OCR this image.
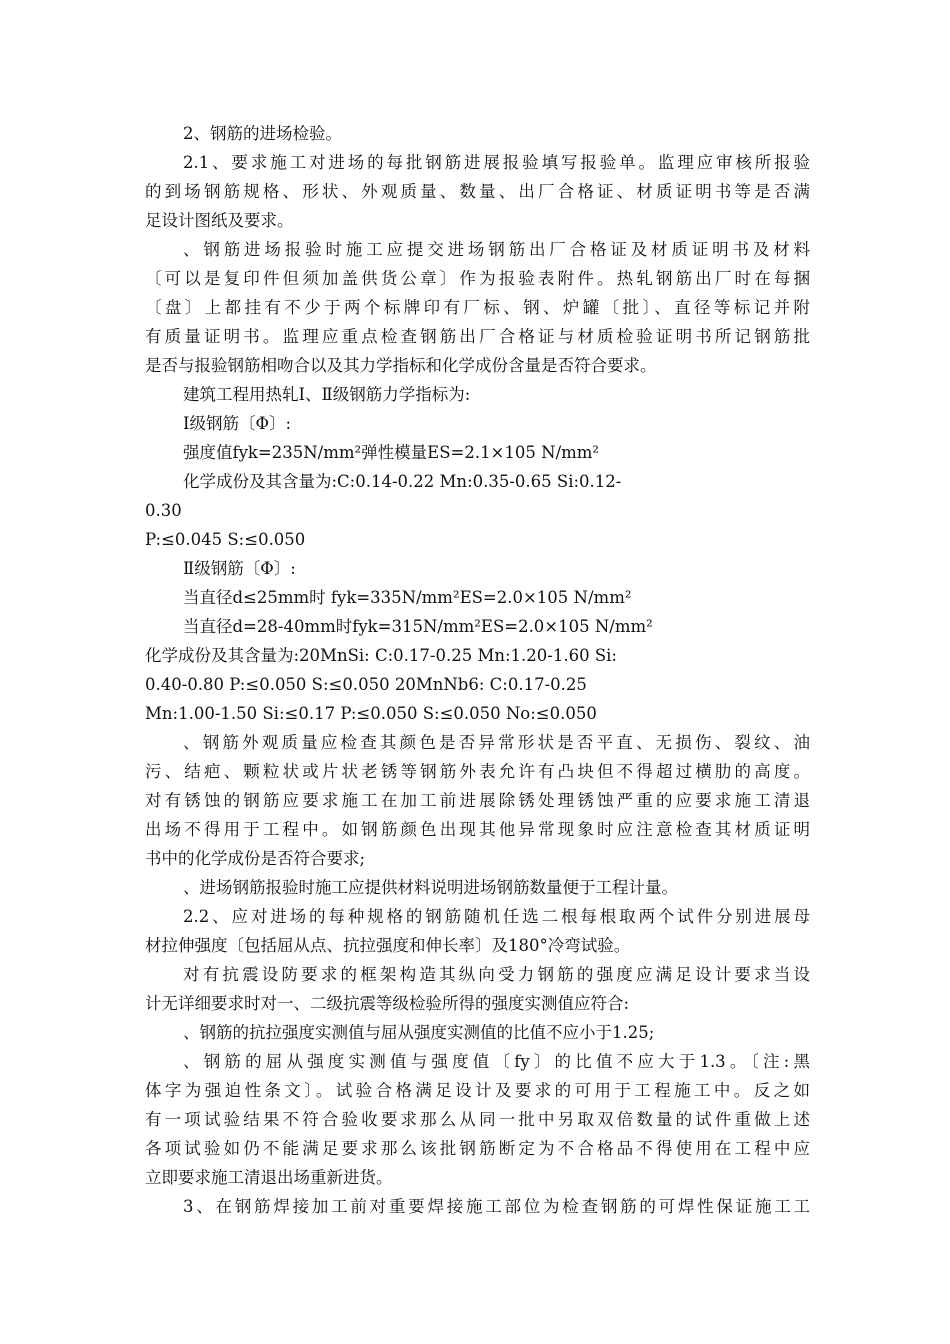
2、钢筋的进场检验。
2.1、要求施工对进场的每批钢筋进展报验填写报验单。监理应审核所报验
的到场钢筋规格、形状、外观质量、数量、出厂合格证、材质证明书等是否满
足设计图纸及要求。
、钢筋进场报验时施工应提交进场钢筋出厂合格证及材质证明书及材料
〔可以是复印件但须加盖供货公章〕作为报验表附件。热轧钢筋出厂时在每捆
〔盘〕上都挂有不少于两个标牌印有厂标、钢、炉罐〔批〕、直径等标记并附
有质量证明书。监理应重点检查钢筋出厂合格证与材质检验证明书所记钢筋批
是否与报验钢筋相吻合以及其力学指标和化学成份含量是否符合要求。
建筑工程用热轧Ⅰ、Ⅱ级钢筋力学指标为:
Ⅰ级钢筋〔Φ〕:
强度值fyk=235N/mm²弹性模量ES=2.1×105 N/mm²
化学成份及其含量为:C:0.14-0.22 Mn:0.35-0.65 Si:0.12-
0.30
P:≤0.045 S:≤0.050
Ⅱ级钢筋〔Φ〕:
当直径d≤25mm时 fyk=335N/mm²ES=2.0×105 N/mm²
当直径d=28-40mm时fyk=315N/mm²ES=2.0×105 N/mm²
化学成份及其含量为:20MnSi: C:0.17-0.25 Mn:1.20-1.60 Si:
0.40-0.80 P:≤0.050 S:≤0.050 20MnNb6: C:0.17-0.25
Mn:1.00-1.50 Si:≤0.17 P:≤0.050 S:≤0.050 No:≤0.050
、钢筋外观质量应检查其颜色是否异常形状是否平直、无损伤、裂纹、油
污、结疤、颗粒状或片状老锈等钢筋外表允许有凸块但不得超过横肋的高度。
对有锈蚀的钢筋应要求施工在加工前进展除锈处理锈蚀严重的应要求施工清退
出场不得用于工程中。如钢筋颜色出现其他异常现象时应注意检查其材质证明
书中的化学成份是否符合要求;
、进场钢筋报验时施工应提供材料说明进场钢筋数量便于工程计量。
2.2、应对进场的每种规格的钢筋随机任选二根每根取两个试件分别进展母
材拉伸强度〔包括屈从点、抗拉强度和伸长率〕及180°冷弯试验。
对有抗震设防要求的框架构造其纵向受力钢筋的强度应满足设计要求当设
计无详细要求时对一、二级抗震等级检验所得的强度实测值应符合:
、钢筋的抗拉强度实测值与屈从强度实测值的比值不应小于1.25;
、钢筋的屈从强度实测值与强度值〔fy〕的比值不应大于1.3。〔注:黑
体字为强迫性条文〕。试验合格满足设计及要求的可用于工程施工中。反之如
有一项试验结果不符合验收要求那么从同一批中另取双倍数量的试件重做上述
各项试验如仍不能满足要求那么该批钢筋断定为不合格品不得使用在工程中应
立即要求施工清退出场重新进货。
3、在钢筋焊接加工前对重要焊接施工部位为检查钢筋的可焊性保证施工工
